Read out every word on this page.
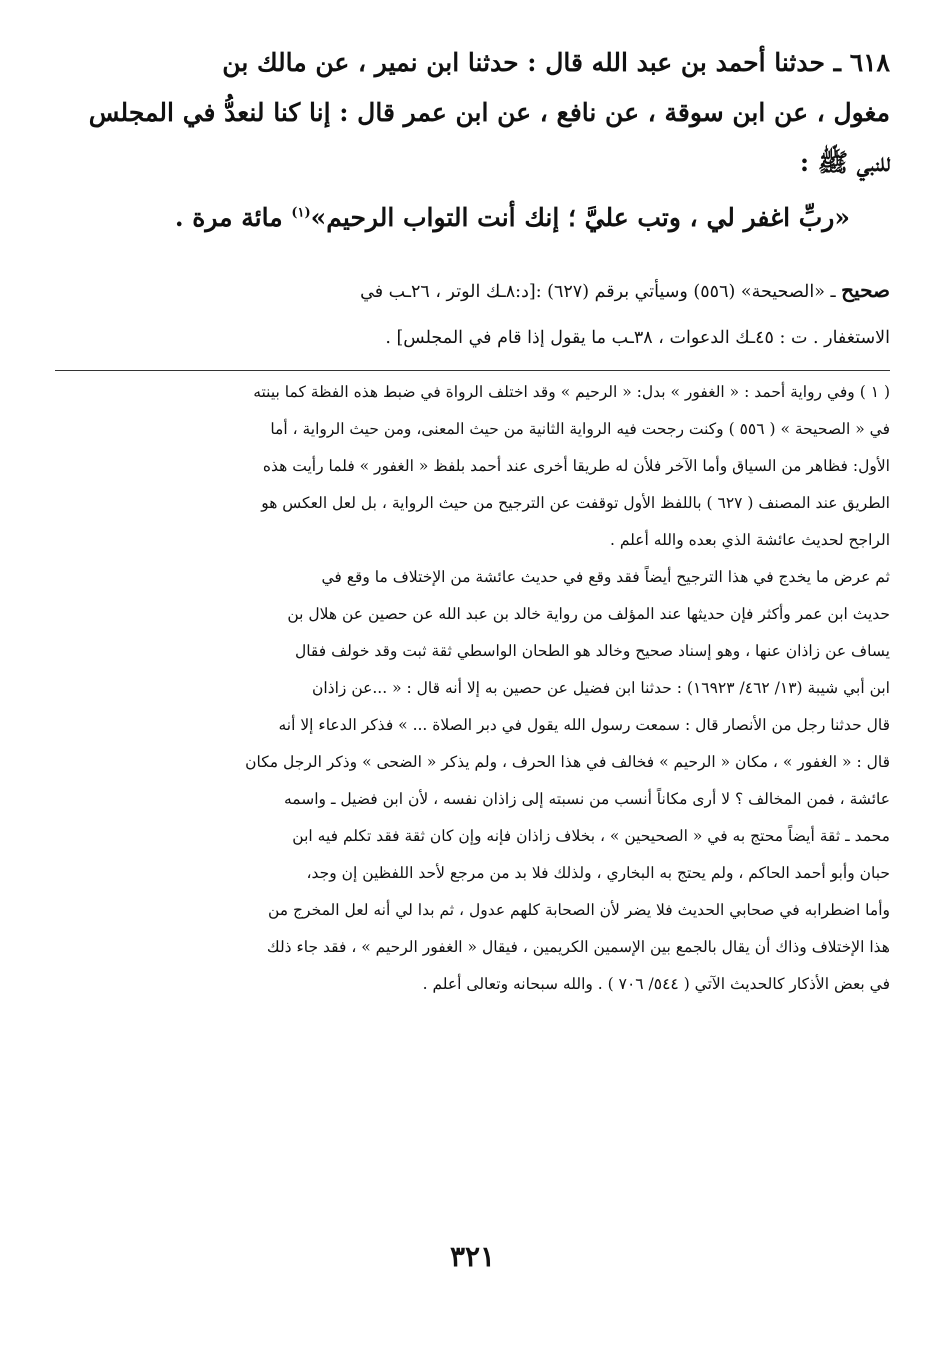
٦١٨ ـ حدثنا أحمد بن عبد الله قال : حدثنا ابن نمير ، عن مالك بن
مغول ، عن ابن سوقة ، عن نافع ، عن ابن عمر قال : إنا كنا لنعدُّ في المجلس
للنبي ﷺ :
«ربِّ اغفر لي ، وتب عليَّ ؛ إنك أنت التواب الرحيم»$^{(١)}$ مائة مرة .
صحيح ـ «الصحيحة» (٥٥٦) وسيأتي برقم (٦٢٧) :[د:٨ـك الوتر ، ٢٦ـب في
الاستغفار . ت : ٤٥ـك الدعوات ، ٣٨ـب ما يقول إذا قام في المجلس] .
( ١ ) وفي رواية أحمد : « الغفور » بدل: « الرحيم » وقد اختلف الرواة في ضبط هذه الفظة كما بينته
في « الصحيحة » ( ٥٥٦ ) وكنت رجحت فيه الرواية الثانية من حيث المعنى، ومن حيث الرواية ، أما
الأول: فظاهر من السياق وأما الآخر فلأن له طريقا أخرى عند أحمد بلفظ « الغفور » فلما رأيت هذه
الطريق عند المصنف ( ٦٢٧ ) باللفظ الأول توقفت عن الترجيح من حيث الرواية ، بل لعل العكس هو
الراجح لحديث عائشة الذي بعده والله أعلم .
ثم عرض ما يخدج في هذا الترجيح أيضاً فقد وقع في حديث عائشة من الإختلاف ما وقع في
حديث ابن عمر وأكثر فإن حديثها عند المؤلف من رواية خالد بن عبد الله عن حصين عن هلال بن
يساف عن زاذان عنها ، وهو إسناد صحيح وخالد هو الطحان الواسطي ثقة ثبت وقد خولف فقال
ابن أبي شيبة (١٣/ ٤٦٢/ ١٦٩٢٣) : حدثنا ابن فضيل عن حصين به إلا أنه قال : « ...عن زاذان
قال حدثنا رجل من الأنصار قال : سمعت رسول الله يقول في دبر الصلاة ... » فذكر الدعاء إلا أنه
قال : « الغفور » ، مكان « الرحيم » فخالف في هذا الحرف ، ولم يذكر « الضحى » وذكر الرجل مكان
عائشة ، فمن المخالف ؟ لا أرى مكاناً أنسب من نسبته إلى زاذان نفسه ، لأن ابن فضيل ـ واسمه
محمد ـ ثقة أيضاً محتج به في « الصحيحين » ، بخلاف زاذان فإنه وإن كان ثقة فقد تكلم فيه ابن
حبان وأبو أحمد الحاكم ، ولم يحتج به البخاري ، ولذلك فلا بد من مرجع لأحد اللفظين إن وجد،
وأما اضطرابه في صحابي الحديث فلا يضر لأن الصحابة كلهم عدول ، ثم بدا لي أنه لعل المخرج من
هذا الإختلاف وذاك أن يقال بالجمع بين الإسمين الكريمين ، فيقال « الغفور الرحيم » ، فقد جاء ذلك
في بعض الأذكار كالحديث الآتي ( ٥٤٤/ ٧٠٦ ) . والله سبحانه وتعالى أعلم .
٣٢١
